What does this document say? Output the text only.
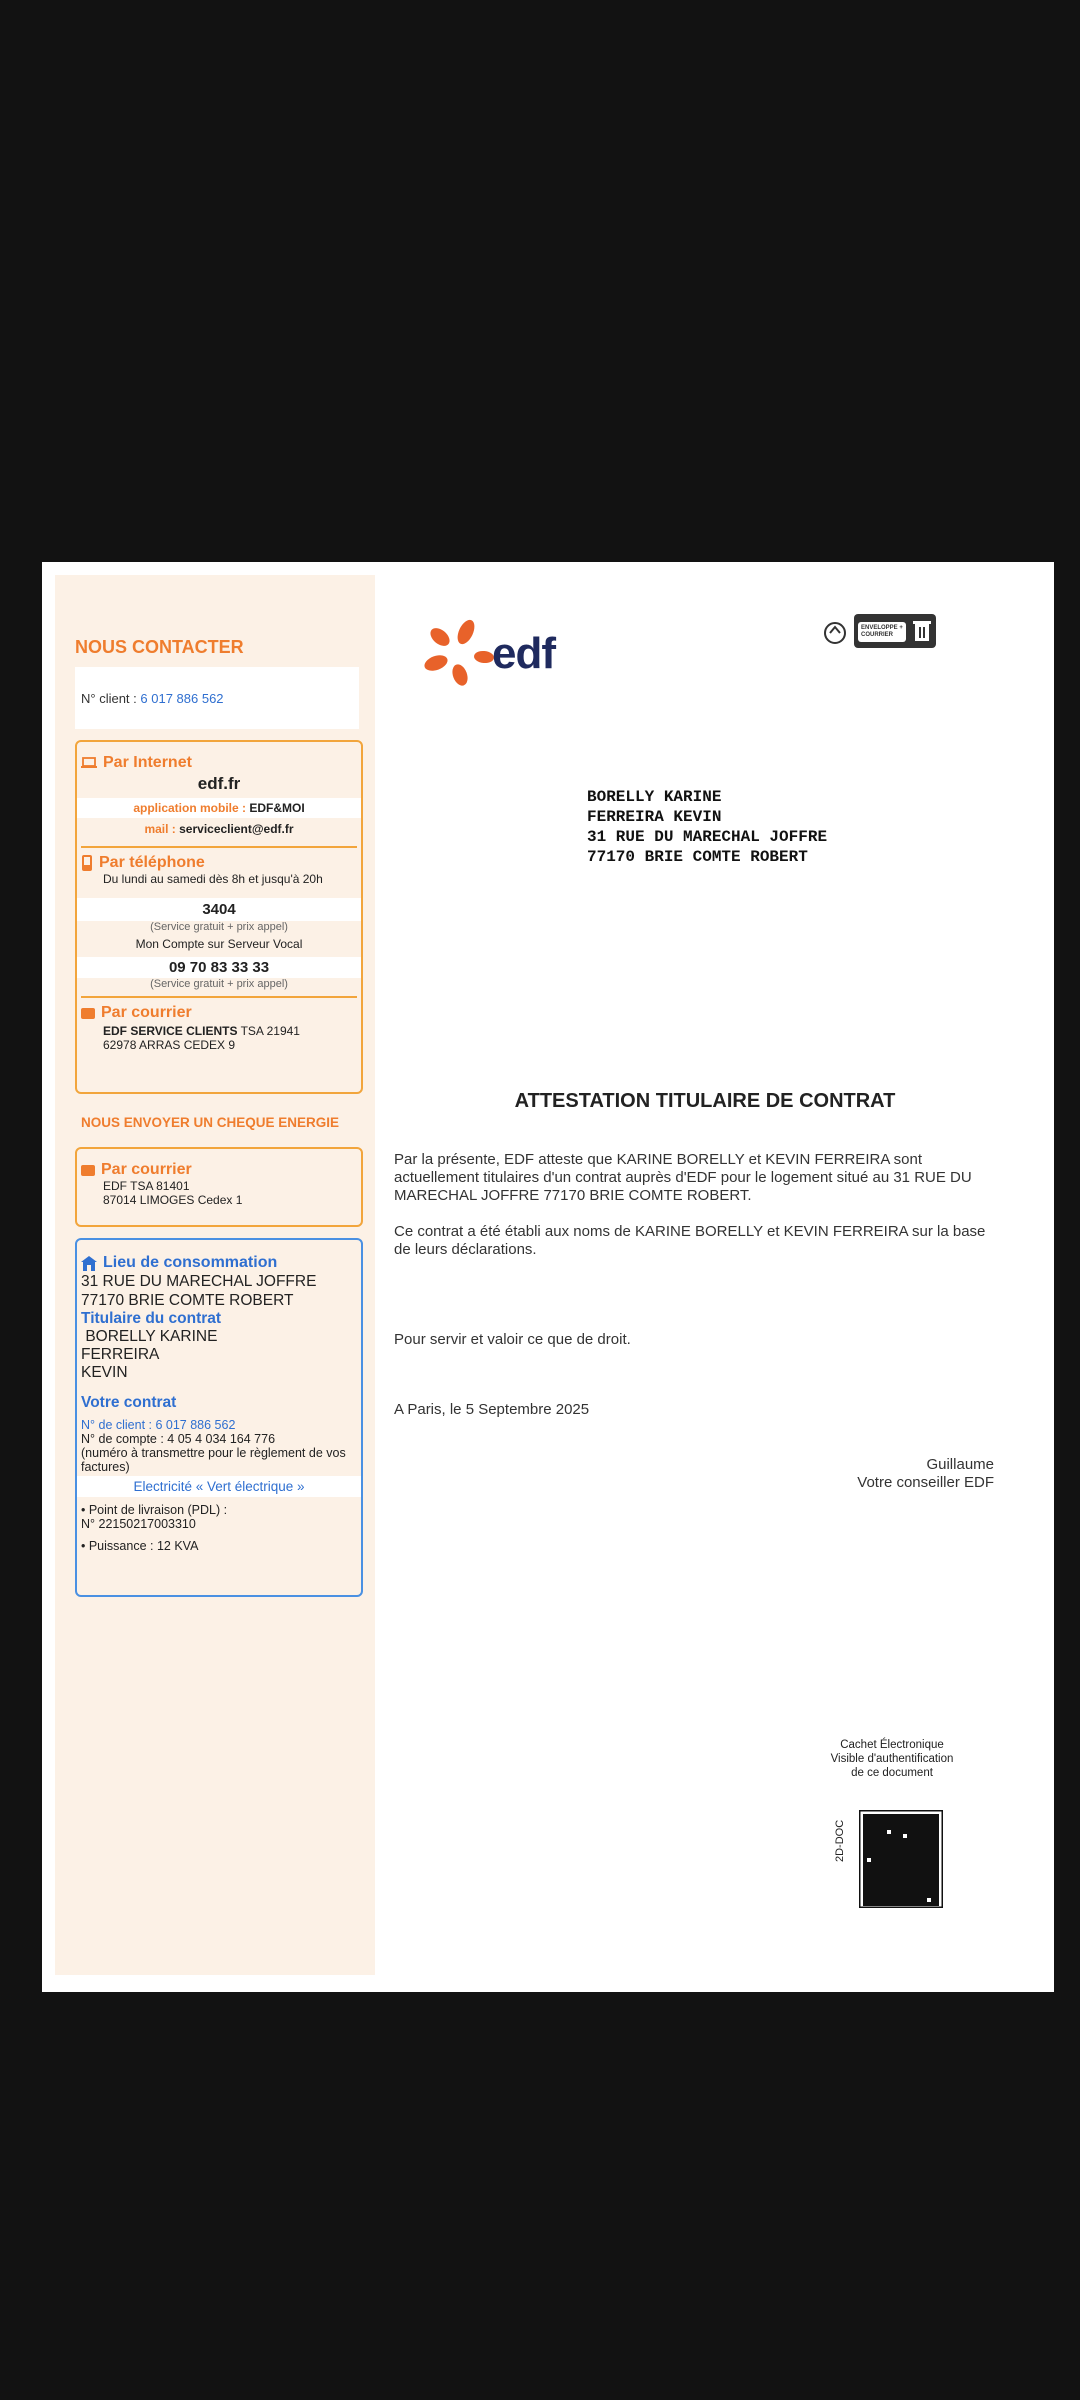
NOUS CONTACTER
N° client : 6 017 886 562
Par Internet
edf.fr
application mobile : EDF&MOI
mail : serviceclient@edf.fr
Par téléphone
Du lundi au samedi dès 8h et jusqu'à 20h
3404
(Service gratuit + prix appel)
Mon Compte sur Serveur Vocal
09 70 83 33 33
(Service gratuit + prix appel)
Par courrier
EDF SERVICE CLIENTS TSA 21941
62978 ARRAS CEDEX 9
NOUS ENVOYER UN CHEQUE ENERGIE
Par courrier
EDF TSA 81401
87014 LIMOGES Cedex 1
Lieu de consommation
31 RUE DU MARECHAL JOFFRE
77170 BRIE COMTE ROBERT
Titulaire du contrat
BORELLY KARINE
FERREIRA
KEVIN
Votre contrat
N° de client : 6 017 886 562
N° de compte : 4 05 4 034 164 776
(numéro à transmettre pour le règlement de vos factures)
Electricité « Vert électrique »
• Point de livraison (PDL) :
N° 22150217003310
• Puissance : 12 KVA
edf
ENVELOPPE + COURRIER
BORELLY KARINE
FERREIRA KEVIN
31 RUE DU MARECHAL JOFFRE
77170 BRIE COMTE ROBERT
ATTESTATION TITULAIRE DE CONTRAT
Par la présente, EDF atteste que KARINE BORELLY et KEVIN FERREIRA sont actuellement titulaires d'un contrat auprès d'EDF pour le logement situé au 31 RUE DU MARECHAL JOFFRE 77170 BRIE COMTE ROBERT.
Ce contrat a été établi aux noms de KARINE BORELLY et KEVIN FERREIRA sur la base de leurs déclarations.
Pour servir et valoir ce que de droit.
A Paris, le 5 Septembre 2025
Guillaume
Votre conseiller EDF
Cachet Électronique
Visible d'authentification
de ce document
2D-DOC
